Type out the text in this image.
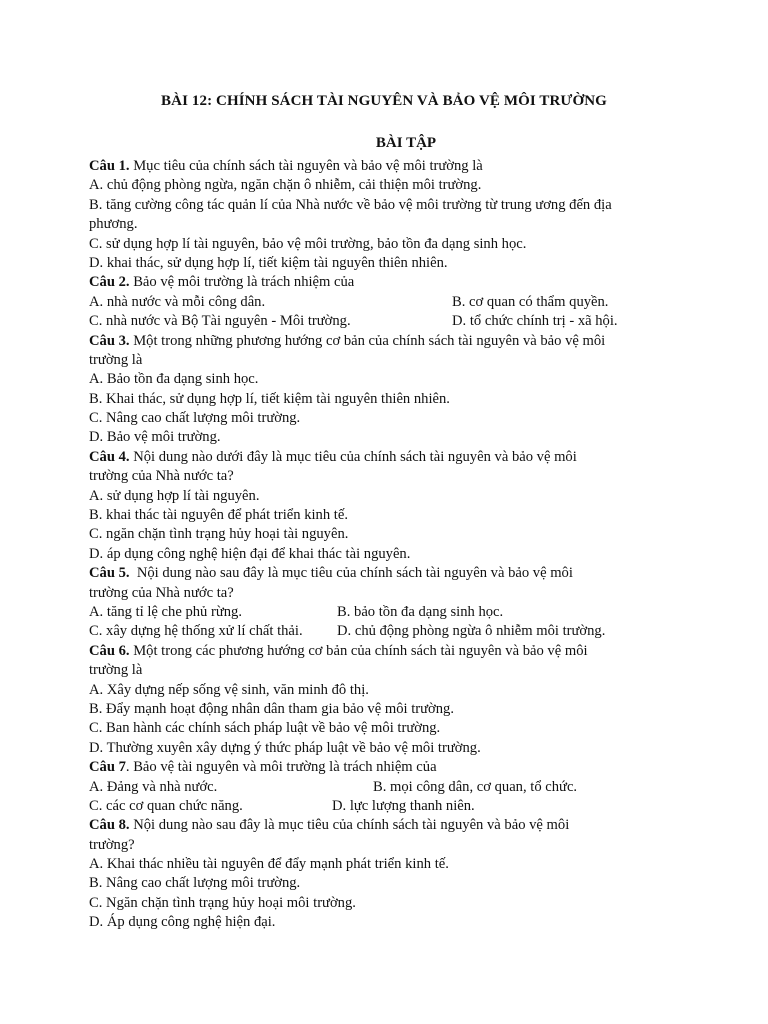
BÀI 12: CHÍNH SÁCH TÀI NGUYÊN VÀ BẢO VỆ MÔI TRƯỜNG
BÀI TẬP
Câu 1. Mục tiêu của chính sách tài nguyên và bảo vệ môi trường là
A. chủ động phòng ngừa, ngăn chặn ô nhiễm, cải thiện môi trường.
B. tăng cường công tác quản lí của Nhà nước về bảo vệ môi trường từ trung ương đến địa
phương.
C. sử dụng hợp lí tài nguyên, bảo vệ môi trường, bảo tồn đa dạng sinh học.
D. khai thác, sử dụng hợp lí, tiết kiệm tài nguyên thiên nhiên.
Câu 2. Bảo vệ môi trường là trách nhiệm của
A. nhà nước và mỗi công dân.	B. cơ quan có thẩm quyền.
C. nhà nước và Bộ Tài nguyên - Môi trường.	D. tổ chức chính trị - xã hội.
Câu 3. Một trong những phương hướng cơ bản của chính sách tài nguyên và bảo vệ môi
trường là
A. Bảo tồn đa dạng sinh học.
B. Khai thác, sử dụng hợp lí, tiết kiệm tài nguyên thiên nhiên.
C. Nâng cao chất lượng môi trường.
D. Bảo vệ môi trường.
Câu 4. Nội dung nào dưới đây là mục tiêu của chính sách tài nguyên và bảo vệ môi
trường của Nhà nước ta?
A. sử dụng hợp lí tài nguyên.
B. khai thác tài nguyên để phát triển kinh tế.
C. ngăn chặn tình trạng hủy hoại tài nguyên.
D. áp dụng công nghệ hiện đại để khai thác tài nguyên.
Câu 5.  Nội dung nào sau đây là mục tiêu của chính sách tài nguyên và bảo vệ môi
trường của Nhà nước ta?
A. tăng tỉ lệ che phủ rừng.	B. bảo tồn đa dạng sinh học.
C. xây dựng hệ thống xử lí chất thải. D. chủ động phòng ngừa ô nhiễm môi trường.
Câu 6. Một trong các phương hướng cơ bản của chính sách tài nguyên và bảo vệ môi
trường là
A. Xây dựng nếp sống vệ sinh, văn minh đô thị.
B. Đẩy mạnh hoạt động nhân dân tham gia bảo vệ môi trường.
C. Ban hành các chính sách pháp luật về bảo vệ môi trường.
D. Thường xuyên xây dựng ý thức pháp luật về bảo vệ môi trường.
Câu 7. Bảo vệ tài nguyên và môi trường là trách nhiệm của
A. Đảng và nhà nước.	B. mọi công dân, cơ quan, tổ chức.
C. các cơ quan chức năng.	D. lực lượng thanh niên.
Câu 8. Nội dung nào sau đây là mục tiêu của chính sách tài nguyên và bảo vệ môi
trường?
A. Khai thác nhiều tài nguyên để đẩy mạnh phát triển kinh tế.
B. Nâng cao chất lượng môi trường.
C. Ngăn chặn tình trạng hủy hoại môi trường.
D. Áp dụng công nghệ hiện đại.
